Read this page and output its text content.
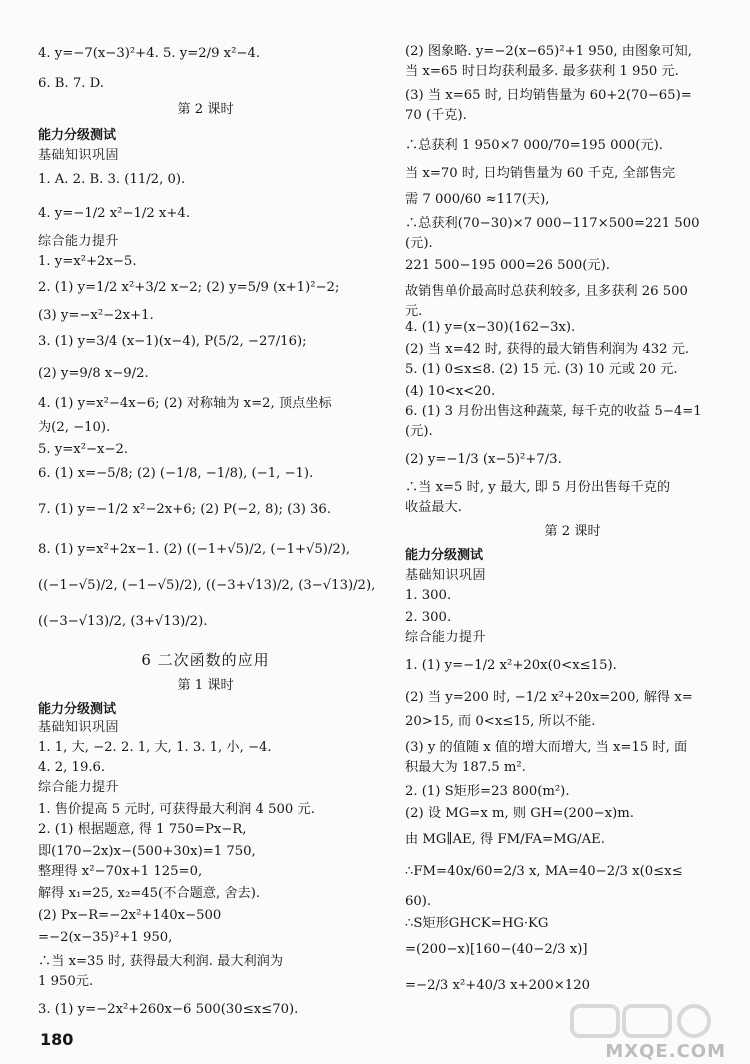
4. y=−7(x−3)²+4. 5. y=2/9 x²−4.
6. B. 7. D.
第 2 课时
能力分级测试
基础知识巩固
1. A. 2. B. 3. (11/2, 0).
4. y=−1/2 x²−1/2 x+4.
综合能力提升
1. y=x²+2x−5.
2. (1) y=1/2 x²+3/2 x−2; (2) y=5/9 (x+1)²−2;
(3) y=−x²−2x+1.
3. (1) y=3/4 (x−1)(x−4), P(5/2, −27/16);
(2) y=9/8 x−9/2.
4. (1) y=x²−4x−6; (2) 对称轴为 x=2, 顶点坐标
为(2, −10).
5. y=x²−x−2.
6. (1) x=−5/8; (2) (−1/8, −1/8), (−1, −1).
7. (1) y=−1/2 x²−2x+6; (2) P(−2, 8); (3) 36.
8. (1) y=x²+2x−1. (2) ((−1+√5)/2, (−1+√5)/2),
((−1−√5)/2, (−1−√5)/2), ((−3+√13)/2, (3−√13)/2),
((−3−√13)/2, (3+√13)/2).
6 二次函数的应用
第 1 课时
能力分级测试
基础知识巩固
1. 1, 大, −2. 2. 1, 大, 1. 3. 1, 小, −4.
4. 2, 19.6.
综合能力提升
1. 售价提高 5 元时, 可获得最大利润 4 500 元.
2. (1) 根据题意, 得 1 750=Px−R,
即(170−2x)x−(500+30x)=1 750,
整理得 x²−70x+1 125=0,
解得 x₁=25, x₂=45(不合题意, 舍去).
(2) Px−R=−2x²+140x−500
=−2(x−35)²+1 950,
∴当 x=35 时, 获得最大利润. 最大利润为
1 950元.
3. (1) y=−2x²+260x−6 500(30≤x≤70).
(2) 图象略. y=−2(x−65)²+1 950, 由图象可知,
当 x=65 时日均获利最多. 最多获利 1 950 元.
(3) 当 x=65 时, 日均销售量为 60+2(70−65)=
70 (千克).
∴总获利 1 950×7 000/70=195 000(元).
当 x=70 时, 日均销售量为 60 千克, 全部售完
需 7 000/60 ≈117(天),
∴总获利(70−30)×7 000−117×500=221 500
(元).
221 500−195 000=26 500(元).
故销售单价最高时总获利较多, 且多获利 26 500
元.
4. (1) y=(x−30)(162−3x).
(2) 当 x=42 时, 获得的最大销售利润为 432 元.
5. (1) 0≤x≤8. (2) 15 元. (3) 10 元或 20 元.
(4) 10<x<20.
6. (1) 3 月份出售这种蔬菜, 每千克的收益 5−4=1
(元).
(2) y=−1/3 (x−5)²+7/3.
∴当 x=5 时, y 最大, 即 5 月份出售每千克的
收益最大.
第 2 课时
能力分级测试
基础知识巩固
1. 300.
2. 300.
综合能力提升
1. (1) y=−1/2 x²+20x(0<x≤15).
(2) 当 y=200 时, −1/2 x²+20x=200, 解得 x=
20>15, 而 0<x≤15, 所以不能.
(3) y 的值随 x 值的增大而增大, 当 x=15 时, 面
积最大为 187.5 m².
2. (1) S矩形=23 800(m²).
(2) 设 MG=x m, 则 GH=(200−x)m.
由 MG∥AE, 得 FM/FA=MG/AE.
∴FM=40x/60=2/3 x, MA=40−2/3 x(0≤x≤
60).
∴S矩形GHCK=HG·KG
=(200−x)[160−(40−2/3 x)]
=−2/3 x²+40/3 x+200×120
180
MXQE.COM
